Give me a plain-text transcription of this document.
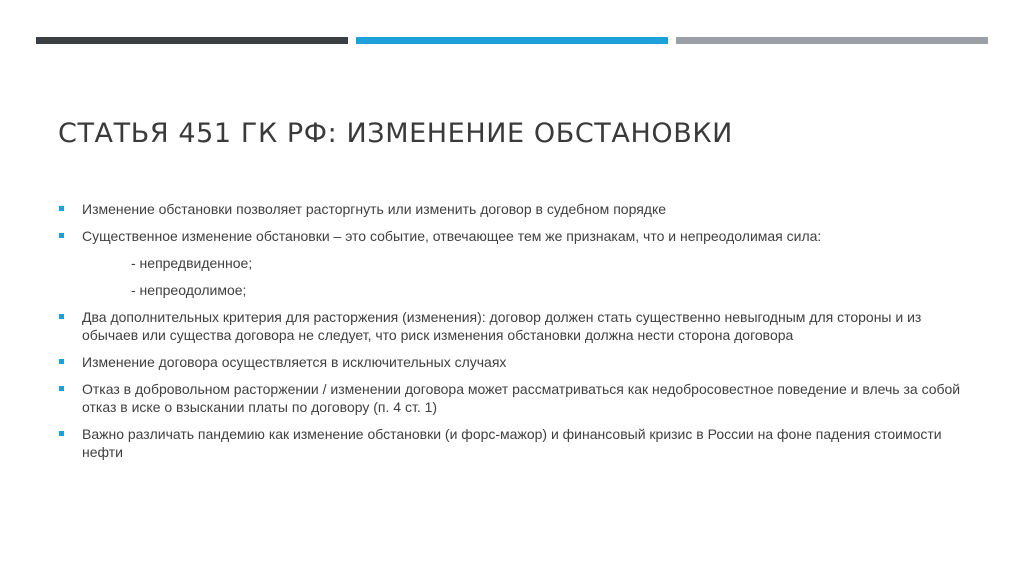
СТАТЬЯ 451 ГК РФ: ИЗМЕНЕНИЕ ОБСТАНОВКИ
Изменение обстановки позволяет расторгнуть или изменить договор в судебном порядке
Существенное изменение обстановки – это событие, отвечающее тем же признакам, что и непреодолимая сила:
- непредвиденное;
- непреодолимое;
Два дополнительных критерия для расторжения (изменения): договор должен стать существенно невыгодным для стороны и из обычаев или существа договора не следует, что риск изменения обстановки должна нести сторона договора
Изменение договора осуществляется в исключительных случаях
Отказ в добровольном расторжении / изменении договора может рассматриваться как недобросовестное поведение и влечь за собой отказ в иске о взыскании платы по договору (п. 4 ст. 1)
Важно различать пандемию как изменение обстановки (и форс-мажор) и финансовый кризис в России на фоне падения стоимости нефти
